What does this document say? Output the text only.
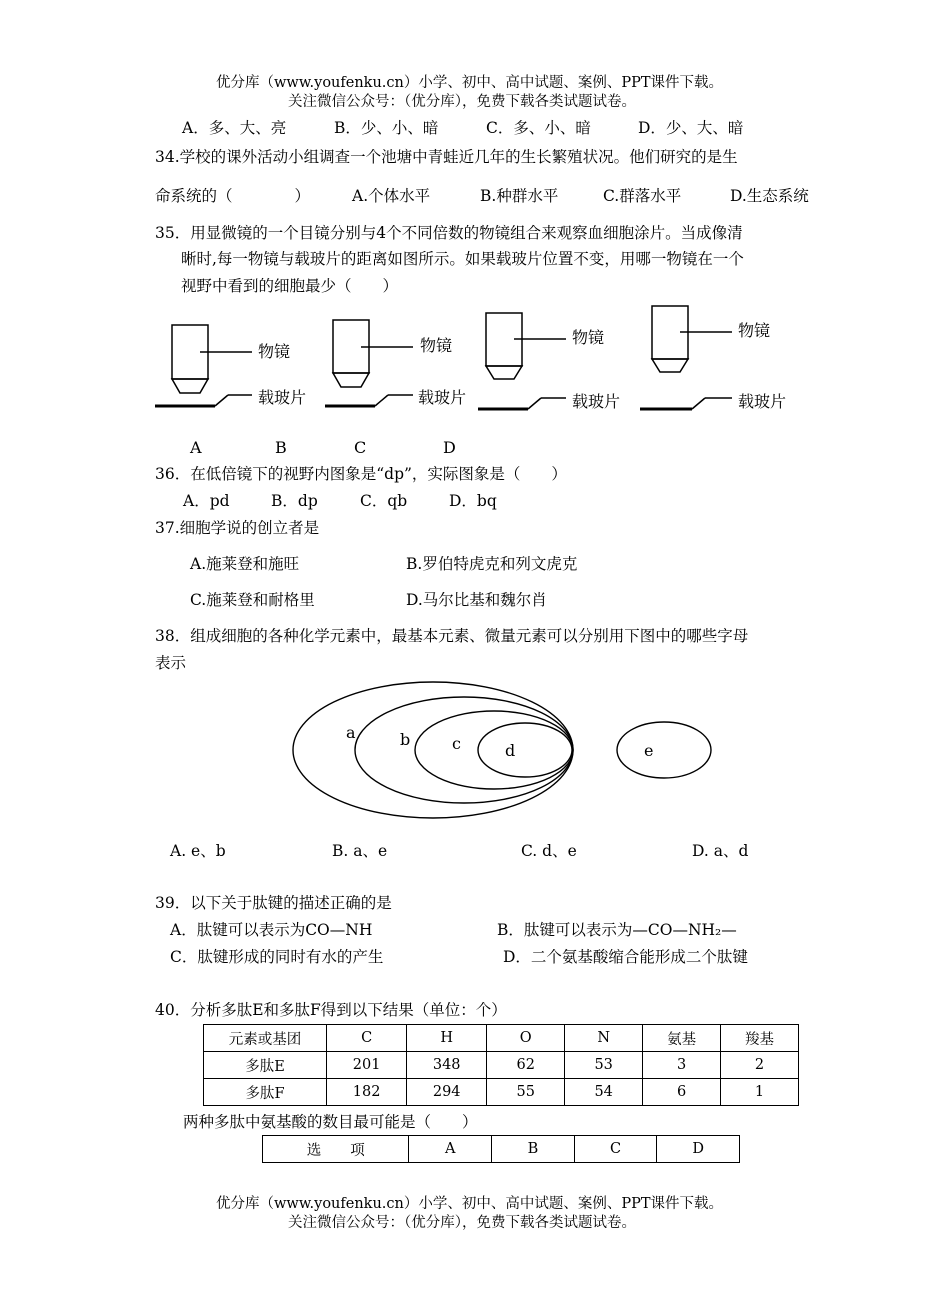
优分库（www.youfenku.cn）小学、初中、高中试题、案例、PPT课件下载。
关注微信公众号：（优分库），免费下载各类试题试卷。
A．多、大、亮	B．少、小、暗	C．多、小、暗	D．少、大、暗
34.学校的课外活动小组调查一个池塘中青蛙近几年的生长繁殖状况。他们研究的是生
命系统的（　　　　）	A.个体水平	B.种群水平	C.群落水平	D.生态系统
35．用显微镜的一个目镜分别与4个不同倍数的物镜组合来观察血细胞涂片。当成像清
晰时,每一物镜与载玻片的距离如图所示。如果载玻片位置不变，用哪一物镜在一个
视野中看到的细胞最少（　　）
物镜	物镜	物镜	物镜
载玻片	载玻片	载玻片	载玻片
A	B	C	D
a	b	c	d	e
36．在低倍镜下的视野内图象是“dp”，实际图象是（　　）
A．pd	B．dp	C．qb	D．bq
37.细胞学说的创立者是
A.施莱登和施旺	B.罗伯特虎克和列文虎克
C.施莱登和耐格里	D.马尔比基和魏尔肖
38．组成细胞的各种化学元素中，最基本元素、微量元素可以分别用下图中的哪些字母
表示
A. e、b	B. a、e	C. d、e	D. a、d
39．以下关于肽键的描述正确的是
A．肽键可以表示为CO—NH	B．肽键可以表示为—CO—NH₂—
C．肽键形成的同时有水的产生	D．二个氨基酸缩合能形成二个肽键
40．分析多肽E和多肽F得到以下结果（单位：个）
元素或基团	C	H	O	N	氨基	羧基
多肽E	201	348	62	53	3	2
多肽F	182	294	55	54	6	1
两种多肽中氨基酸的数目最可能是（　　）
选　　项	A	B	C	D
优分库（www.youfenku.cn）小学、初中、高中试题、案例、PPT课件下载。
关注微信公众号：（优分库），免费下载各类试题试卷。
